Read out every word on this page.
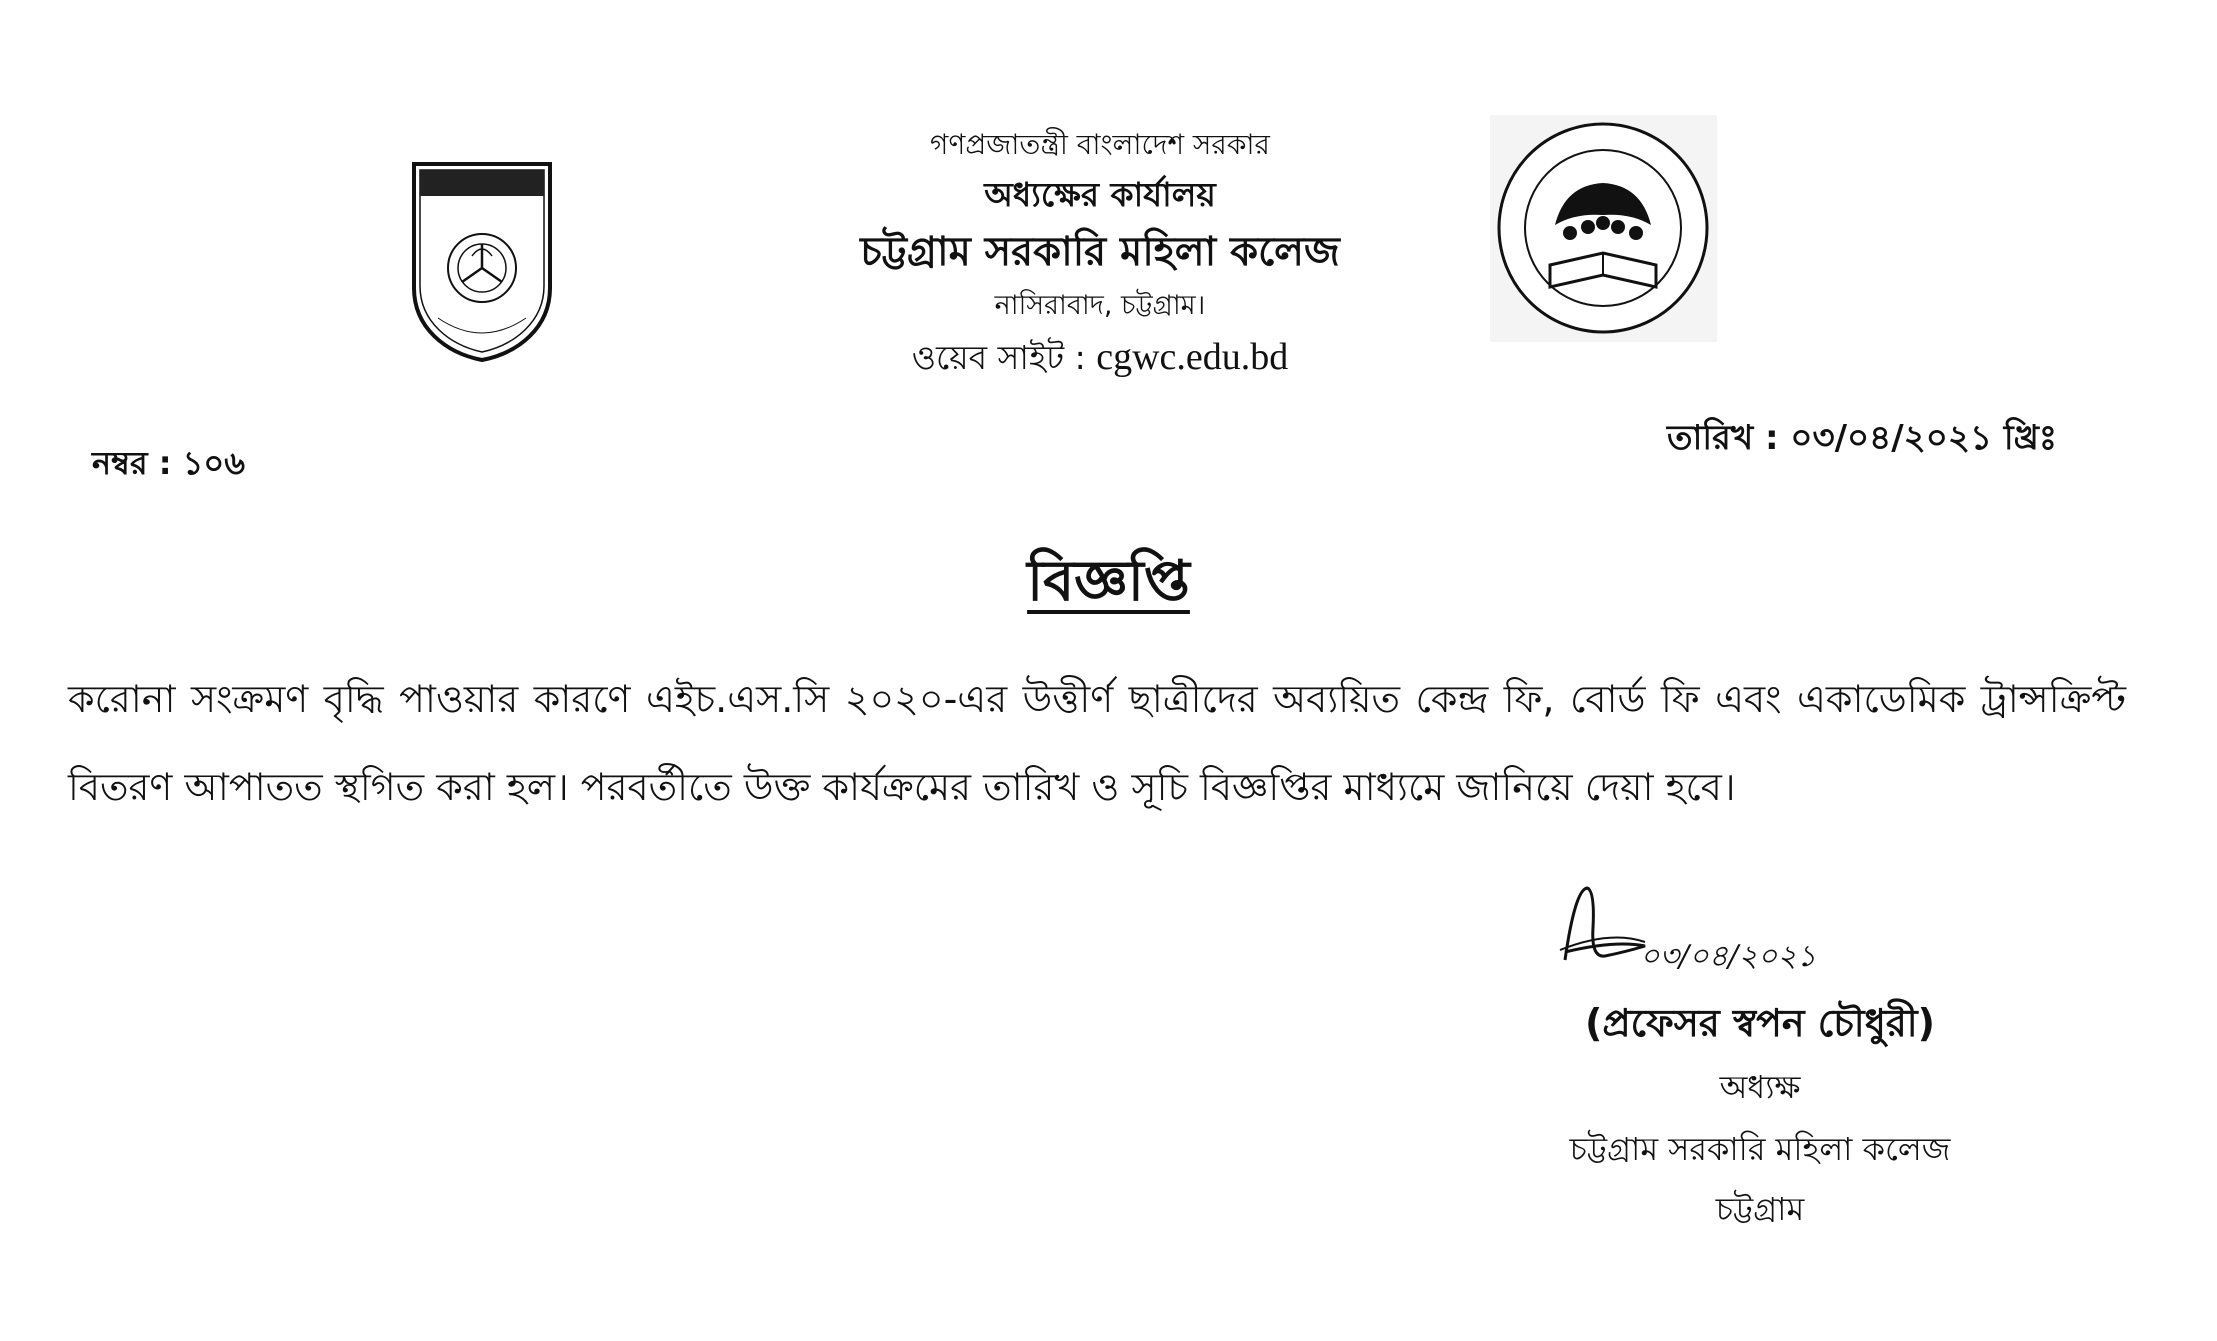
গণপ্রজাতন্ত্রী বাংলাদেশ সরকার
অধ্যক্ষের কার্যালয়
চট্টগ্রাম সরকারি মহিলা কলেজ
নাসিরাবাদ, চট্টগ্রাম।
ওয়েব সাইট : cgwc.edu.bd
নম্বর : ১০৬
তারিখ : ০৩/০৪/২০২১ খ্রিঃ
বিজ্ঞপ্তি
করোনা সংক্রমণ বৃদ্ধি পাওয়ার কারণে এইচ.এস.সি ২০২০-এর উত্তীর্ণ ছাত্রীদের অব্যয়িত কেন্দ্র ফি, বোর্ড ফি এবং একাডেমিক ট্রান্সক্রিপ্ট বিতরণ আপাতত স্থগিত করা হল। পরবর্তীতে উক্ত কার্যক্রমের তারিখ ও সূচি বিজ্ঞপ্তির মাধ্যমে জানিয়ে দেয়া হবে।
০৩/০৪/২০২১
(প্রফেসর স্বপন চৌধুরী)
অধ্যক্ষ
চট্টগ্রাম সরকারি মহিলা কলেজ
চট্টগ্রাম
